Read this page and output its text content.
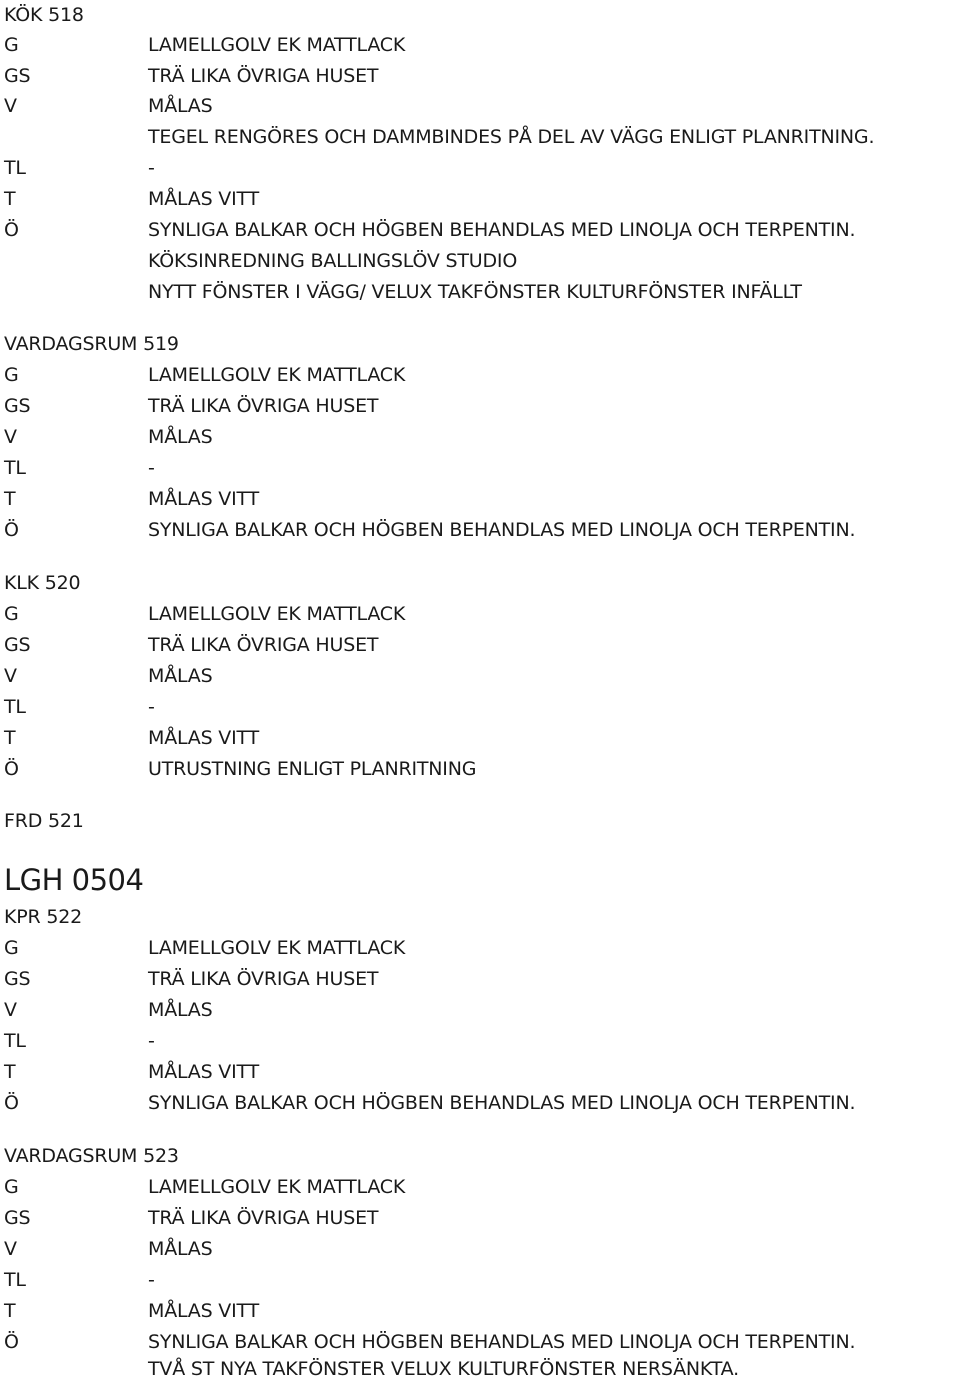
KÖK 518
G	LAMELLGOLV EK MATTLACK
GS	TRÄ LIKA ÖVRIGA HUSET
V	MÅLAS
TEGEL RENGÖRES OCH DAMMBINDES PÅ DEL AV VÄGG ENLIGT PLANRITNING.
TL	-
T	MÅLAS VITT
Ö	SYNLIGA BALKAR OCH HÖGBEN BEHANDLAS MED LINOLJA OCH TERPENTIN.
KÖKSINREDNING BALLINGSLÖV STUDIO
NYTT FÖNSTER I VÄGG/ VELUX TAKFÖNSTER KULTURFÖNSTER INFÄLLT
VARDAGSRUM 519
G	LAMELLGOLV EK MATTLACK
GS	TRÄ LIKA ÖVRIGA HUSET
V	MÅLAS
TL	-
T	MÅLAS VITT
Ö	SYNLIGA BALKAR OCH HÖGBEN BEHANDLAS MED LINOLJA OCH TERPENTIN.
KLK 520
G	LAMELLGOLV EK MATTLACK
GS	TRÄ LIKA ÖVRIGA HUSET
V	MÅLAS
TL	-
T	MÅLAS VITT
Ö	UTRUSTNING ENLIGT PLANRITNING
FRD 521
LGH 0504
KPR 522
G	LAMELLGOLV EK MATTLACK
GS	TRÄ LIKA ÖVRIGA HUSET
V	MÅLAS
TL	-
T	MÅLAS VITT
Ö	SYNLIGA BALKAR OCH HÖGBEN BEHANDLAS MED LINOLJA OCH TERPENTIN.
VARDAGSRUM 523
G	LAMELLGOLV EK MATTLACK
GS	TRÄ LIKA ÖVRIGA HUSET
V	MÅLAS
TL	-
T	MÅLAS VITT
Ö	SYNLIGA BALKAR OCH HÖGBEN BEHANDLAS MED LINOLJA OCH TERPENTIN.
TVÅ ST NYA TAKFÖNSTER VELUX KULTURFÖNSTER NERSÄNKTA.
